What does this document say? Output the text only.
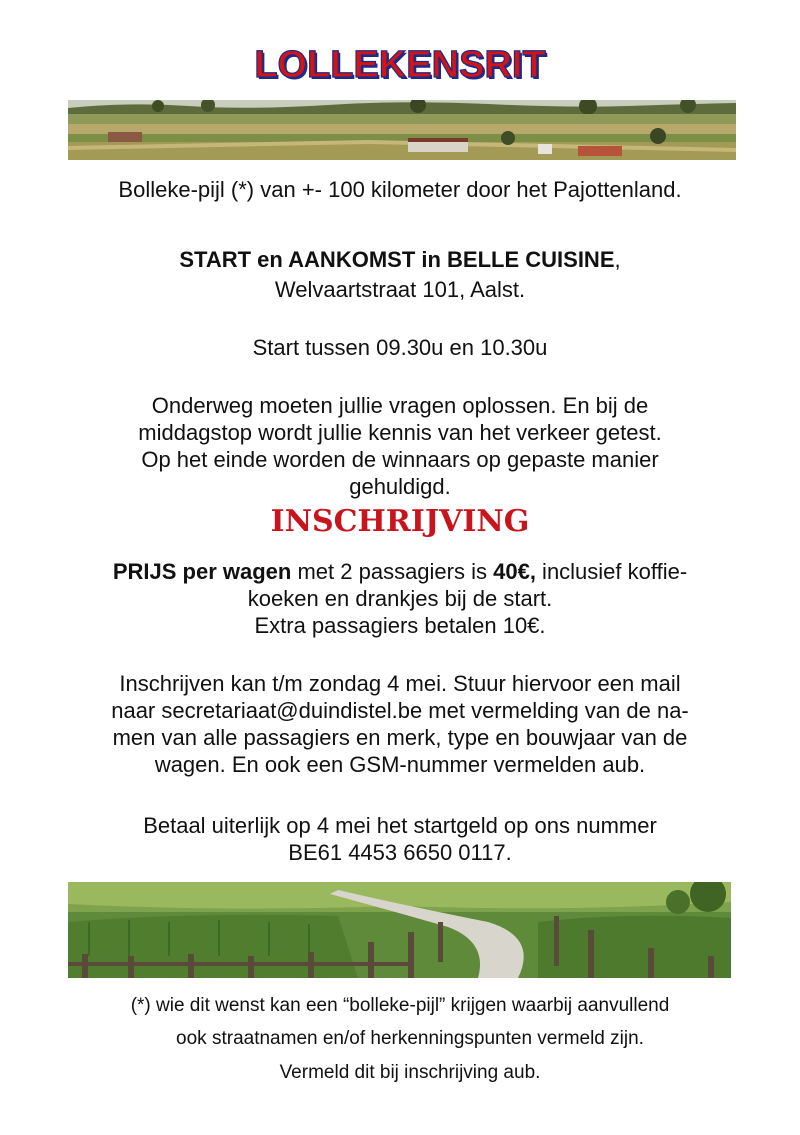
LOLLEKENSRIT
Bolleke-pijl (*) van +- 100 kilometer door het Pajottenland.
START en AANKOMST in BELLE CUISINE,
Welvaartstraat 101, Aalst.
Start tussen 09.30u en 10.30u
Onderweg moeten jullie vragen oplossen. En bij de
middagstop wordt jullie kennis van het verkeer getest.
Op het einde worden de winnaars op gepaste manier
gehuldigd.
INSCHRIJVING
PRIJS per wagen met 2 passagiers is 40€, inclusief koffie-
koeken en drankjes bij de start.
Extra passagiers betalen 10€.
Inschrijven kan t/m zondag 4 mei. Stuur hiervoor een mail
naar secretariaat@duindistel.be met vermelding van de na-
men van alle passagiers en merk, type en bouwjaar van de
wagen. En ook een GSM-nummer vermelden aub.
Betaal uiterlijk op 4 mei het startgeld op ons nummer
BE61 4453 6650 0117.
(*) wie dit wenst kan een “bolleke-pijl” krijgen waarbij aanvullend
ook straatnamen en/of herkenningspunten vermeld zijn.
Vermeld dit bij inschrijving aub.
